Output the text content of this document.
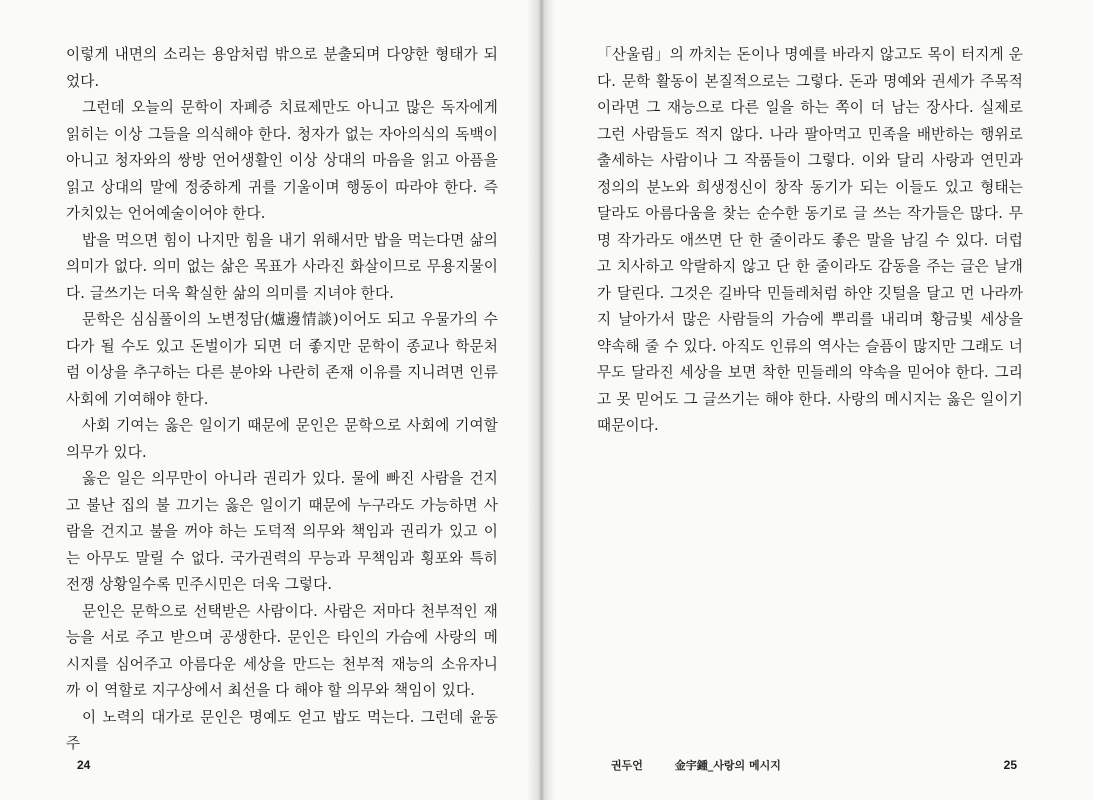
이렇게 내면의 소리는 용암처럼 밖으로 분출되며 다양한 형태가 되었다.

그런데 오늘의 문학이 자폐증 치료제만도 아니고 많은 독자에게 읽히는 이상 그들을 의식해야 한다. 청자가 없는 자아의식의 독백이 아니고 청자와의 쌍방 언어생활인 이상 상대의 마음을 읽고 아픔을 읽고 상대의 말에 정중하게 귀를 기울이며 행동이 따라야 한다. 즉 가치있는 언어예술이어야 한다.

밥을 먹으면 힘이 나지만 힘을 내기 위해서만 밥을 먹는다면 삶의 의미가 없다. 의미 없는 삶은 목표가 사라진 화살이므로 무용지물이다. 글쓰기는 더욱 확실한 삶의 의미를 지녀야 한다.

문학은 심심풀이의 노변정담(爐邊情談)이어도 되고 우물가의 수다가 될 수도 있고 돈벌이가 되면 더 좋지만 문학이 종교나 학문처럼 이상을 추구하는 다른 분야와 나란히 존재 이유를 지니려면 인류사회에 기여해야 한다.

사회 기여는 옳은 일이기 때문에 문인은 문학으로 사회에 기여할 의무가 있다.

옳은 일은 의무만이 아니라 권리가 있다. 물에 빠진 사람을 건지고 불난 집의 불 끄기는 옳은 일이기 때문에 누구라도 가능하면 사람을 건지고 불을 꺼야 하는 도덕적 의무와 책임과 권리가 있고 이는 아무도 말릴 수 없다. 국가권력의 무능과 무책임과 횡포와 특히 전쟁 상황일수록 민주시민은 더욱 그렇다.

문인은 문학으로 선택받은 사람이다. 사람은 저마다 천부적인 재능을 서로 주고 받으며 공생한다. 문인은 타인의 가슴에 사랑의 메시지를 심어주고 아름다운 세상을 만드는 천부적 재능의 소유자니까 이 역할로 지구상에서 최선을 다 해야 할 의무와 책임이 있다.

이 노력의 대가로 문인은 명예도 얻고 밥도 먹는다. 그런데 윤동주

24

「산울림」의 까치는 돈이나 명예를 바라지 않고도 목이 터지게 운다. 문학 활동이 본질적으로는 그렇다. 돈과 명예와 권세가 주목적이라면 그 재능으로 다른 일을 하는 쪽이 더 남는 장사다. 실제로 그런 사람들도 적지 않다. 나라 팔아먹고 민족을 배반하는 행위로 출세하는 사람이나 그 작품들이 그렇다. 이와 달리 사랑과 연민과 정의의 분노와 희생정신이 창작 동기가 되는 이들도 있고 형태는 달라도 아름다움을 찾는 순수한 동기로 글 쓰는 작가들은 많다. 무명 작가라도 애쓰면 단 한 줄이라도 좋은 말을 남길 수 있다. 더럽고 치사하고 악랄하지 않고 단 한 줄이라도 감동을 주는 글은 날개가 달린다. 그것은 길바닥 민들레처럼 하얀 깃털을 달고 먼 나라까지 날아가서 많은 사람들의 가슴에 뿌리를 내리며 황금빛 세상을 약속해 줄 수 있다. 아직도 인류의 역사는 슬픔이 많지만 그래도 너무도 달라진 세상을 보면 착한 민들레의 약속을 믿어야 한다. 그리고 못 믿어도 그 글쓰기는 해야 한다. 사랑의 메시지는 옳은 일이기 때문이다.

권두언	金宇鍾_사랑의 메시지	25
